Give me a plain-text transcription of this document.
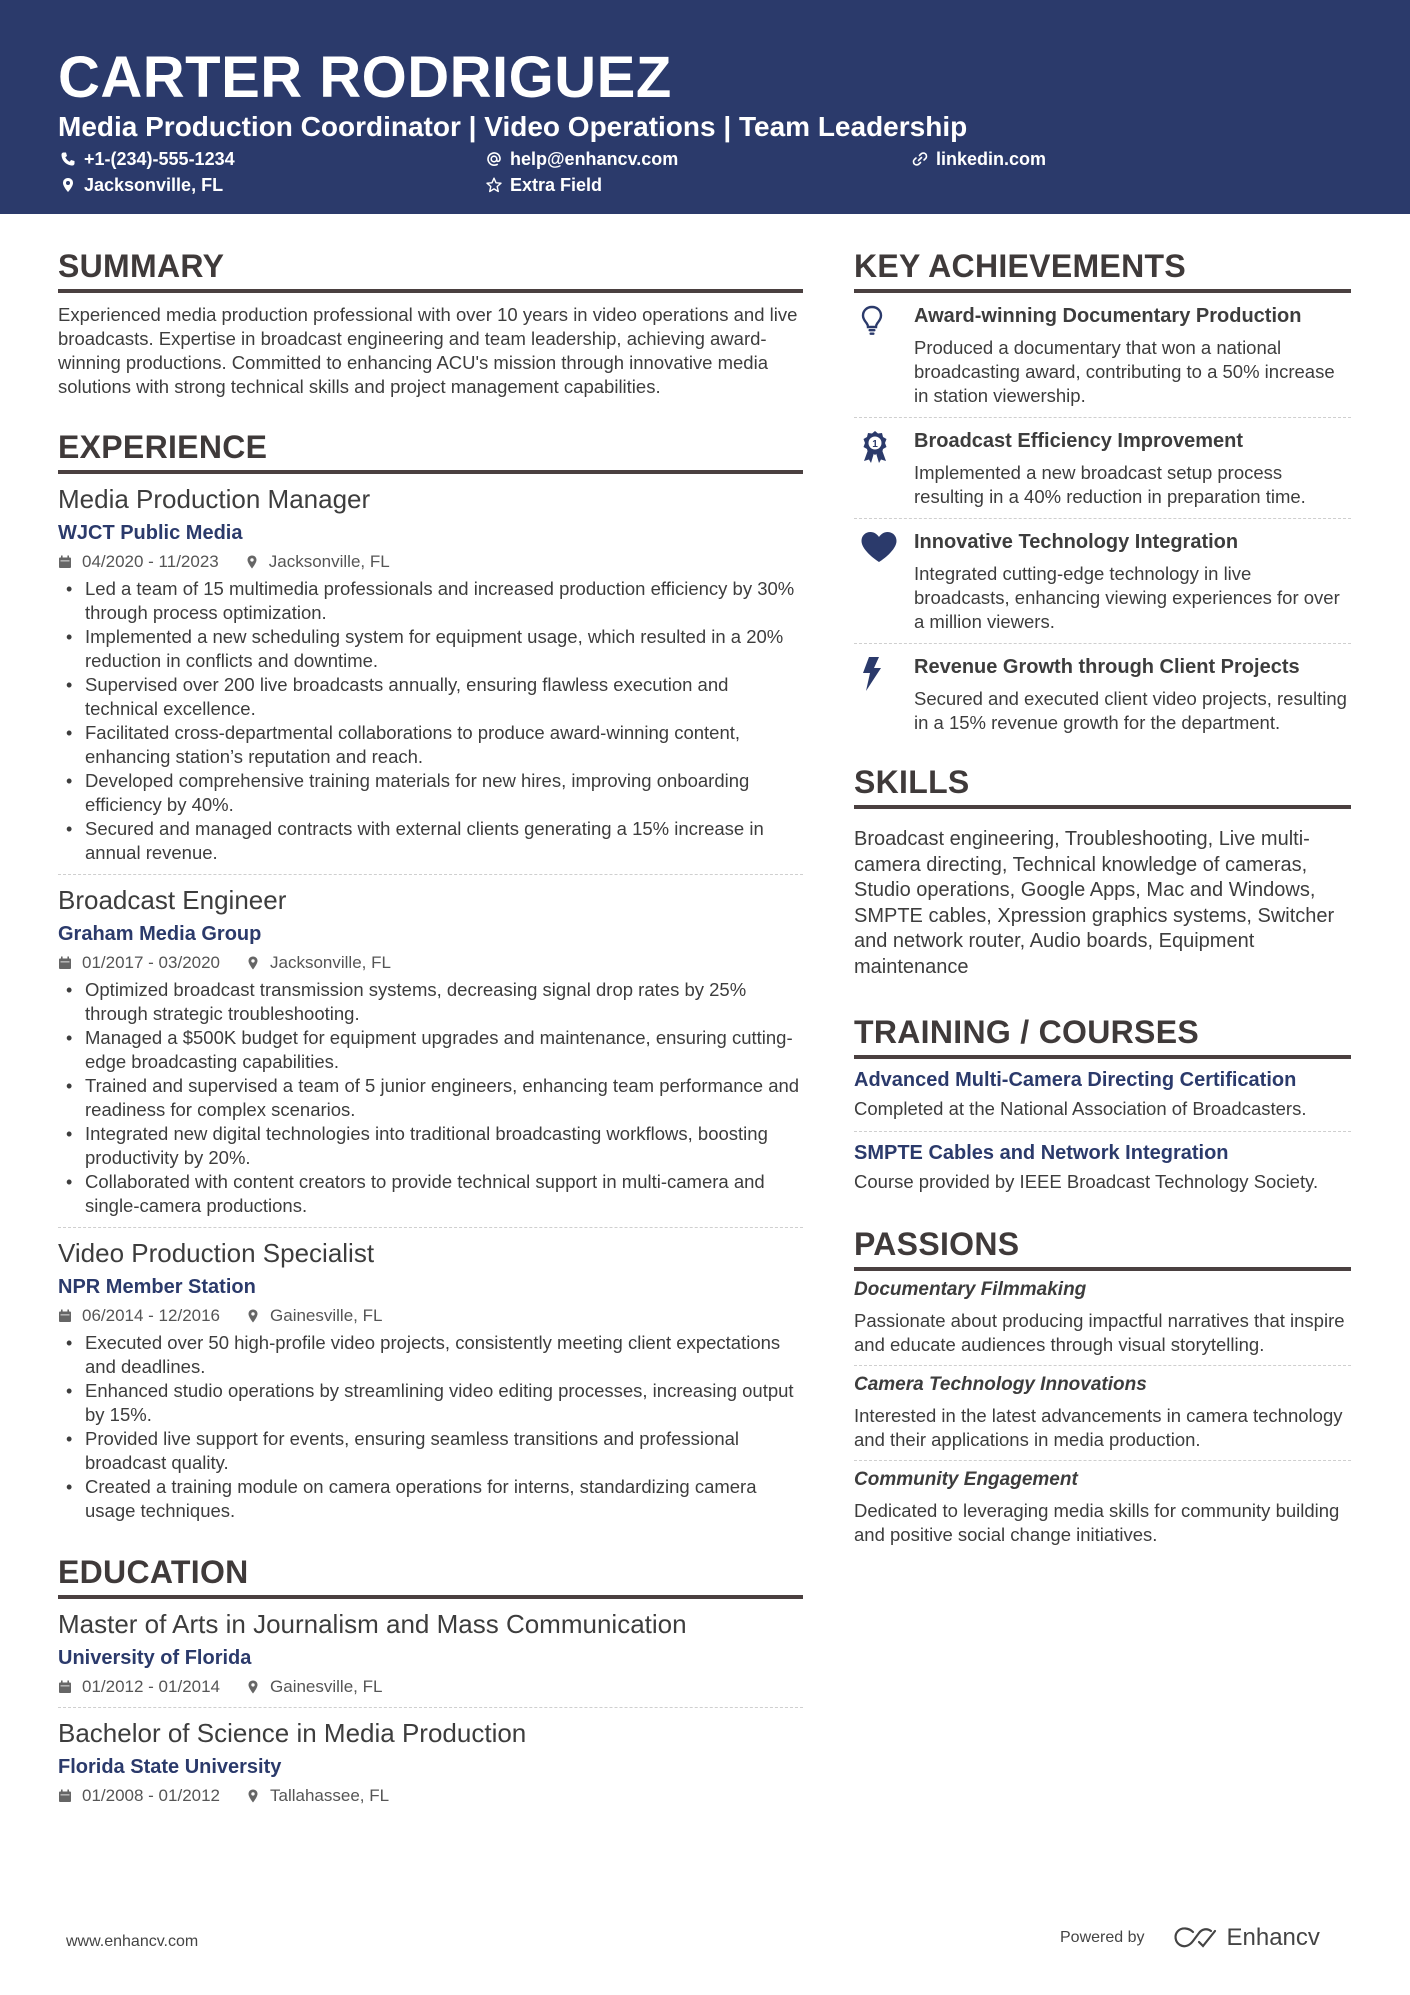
CARTER RODRIGUEZ
Media Production Coordinator | Video Operations | Team Leadership
+1-(234)-555-1234	help@enhancv.com	linkedin.com
Jacksonville, FL	Extra Field
SUMMARY
Experienced media production professional with over 10 years in video operations and live broadcasts. Expertise in broadcast engineering and team leadership, achieving award-winning productions. Committed to enhancing ACU's mission through innovative media solutions with strong technical skills and project management capabilities.
EXPERIENCE
Media Production Manager
WJCT Public Media
04/2020 - 11/2023	Jacksonville, FL
• Led a team of 15 multimedia professionals and increased production efficiency by 30% through process optimization.
• Implemented a new scheduling system for equipment usage, which resulted in a 20% reduction in conflicts and downtime.
• Supervised over 200 live broadcasts annually, ensuring flawless execution and technical excellence.
• Facilitated cross-departmental collaborations to produce award-winning content, enhancing station’s reputation and reach.
• Developed comprehensive training materials for new hires, improving onboarding efficiency by 40%.
• Secured and managed contracts with external clients generating a 15% increase in annual revenue.
Broadcast Engineer
Graham Media Group
01/2017 - 03/2020	Jacksonville, FL
• Optimized broadcast transmission systems, decreasing signal drop rates by 25% through strategic troubleshooting.
• Managed a $500K budget for equipment upgrades and maintenance, ensuring cutting-edge broadcasting capabilities.
• Trained and supervised a team of 5 junior engineers, enhancing team performance and readiness for complex scenarios.
• Integrated new digital technologies into traditional broadcasting workflows, boosting productivity by 20%.
• Collaborated with content creators to provide technical support in multi-camera and single-camera productions.
Video Production Specialist
NPR Member Station
06/2014 - 12/2016	Gainesville, FL
• Executed over 50 high-profile video projects, consistently meeting client expectations and deadlines.
• Enhanced studio operations by streamlining video editing processes, increasing output by 15%.
• Provided live support for events, ensuring seamless transitions and professional broadcast quality.
• Created a training module on camera operations for interns, standardizing camera usage techniques.
EDUCATION
Master of Arts in Journalism and Mass Communication
University of Florida
01/2012 - 01/2014	Gainesville, FL
Bachelor of Science in Media Production
Florida State University
01/2008 - 01/2012	Tallahassee, FL
KEY ACHIEVEMENTS
Award-winning Documentary Production
Produced a documentary that won a national broadcasting award, contributing to a 50% increase in station viewership.
1 Broadcast Efficiency Improvement
Implemented a new broadcast setup process resulting in a 40% reduction in preparation time.
Innovative Technology Integration
Integrated cutting-edge technology in live broadcasts, enhancing viewing experiences for over a million viewers.
Revenue Growth through Client Projects
Secured and executed client video projects, resulting in a 15% revenue growth for the department.
SKILLS
Broadcast engineering, Troubleshooting, Live multi-camera directing, Technical knowledge of cameras, Studio operations, Google Apps, Mac and Windows, SMPTE cables, Xpression graphics systems, Switcher and network router, Audio boards, Equipment maintenance
TRAINING / COURSES
Advanced Multi-Camera Directing Certification
Completed at the National Association of Broadcasters.
SMPTE Cables and Network Integration
Course provided by IEEE Broadcast Technology Society.
PASSIONS
Documentary Filmmaking
Passionate about producing impactful narratives that inspire and educate audiences through visual storytelling.
Camera Technology Innovations
Interested in the latest advancements in camera technology and their applications in media production.
Community Engagement
Dedicated to leveraging media skills for community building and positive social change initiatives.
www.enhancv.com	Powered by	Enhancv
